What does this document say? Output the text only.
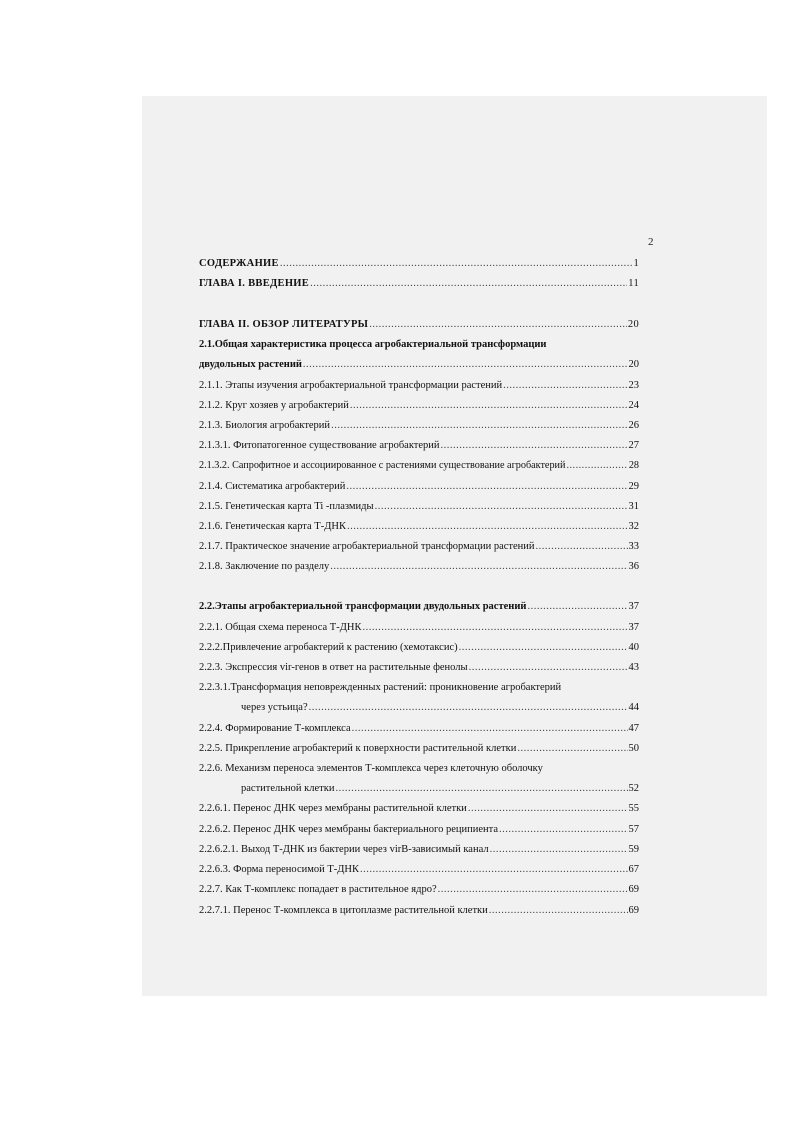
2
СОДЕРЖАНИЕ .....	1
ГЛАВА I. ВВЕДЕНИЕ .....	11
ГЛАВА II. ОБЗОР ЛИТЕРАТУРЫ .....	20
2.1.Общая характеристика процесса агробактериальной трансформации
двудольных растений .....	20
2.1.1. Этапы изучения агробактериальной трансформации растений .....	23
2.1.2. Круг хозяев у агробактерий .....	24
2.1.3. Биология агробактерий .....	26
2.1.3.1. Фитопатогенное существование агробактерий .....	27
2.1.3.2. Сапрофитное и ассоциированное с растениями существование агробактерий .....	28
2.1.4. Систематика агробактерий .....	29
2.1.5. Генетическая карта Ti -плазмиды .....	31
2.1.6. Генетическая карта Т-ДНК .....	32
2.1.7. Практическое значение агробактериальной трансформации растений .....	33
2.1.8. Заключение по разделу .....	36
2.2.Этапы агробактериальной трансформации двудольных растений .....	37
2.2.1. Общая схема переноса Т-ДНК .....	37
2.2.2.Привлечение агробактерий к растению (хемотаксис) .....	40
2.2.3. Экспрессия vir-генов в ответ на растительные фенолы .....	43
2.2.3.1.Трансформация неповрежденных растений: проникновение агробактерий
через устьица? .....	44
2.2.4. Формирование Т-комплекса .....	47
2.2.5. Прикрепление агробактерий к поверхности растительной клетки .....	50
2.2.6. Механизм переноса элементов Т-комплекса через клеточную оболочку
растительной клетки .....	52
2.2.6.1. Перенос ДНК через мембраны растительной клетки .....	55
2.2.6.2. Перенос ДНК через мембраны бактериального реципиента .....	57
2.2.6.2.1. Выход Т-ДНК из бактерии через virB-зависимый канал .....	59
2.2.6.3. Форма переносимой Т-ДНК .....	67
2.2.7. Как Т-комплекс попадает в растительное ядро? .....	69
2.2.7.1. Перенос Т-комплекса в цитоплазме растительной клетки .....	69
